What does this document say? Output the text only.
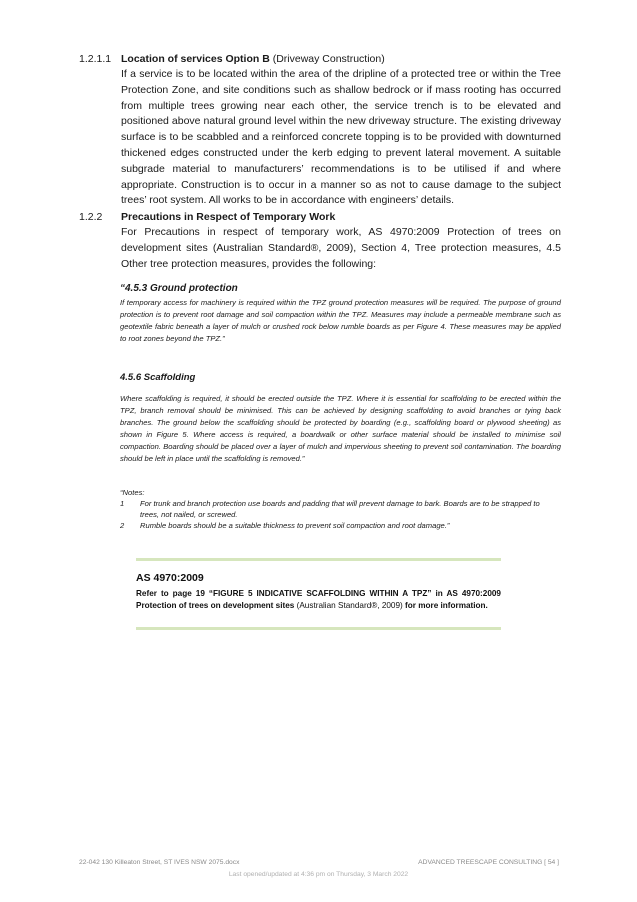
1.2.1.1 Location of services Option B (Driveway Construction)
If a service is to be located within the area of the dripline of a protected tree or within the Tree Protection Zone, and site conditions such as shallow bedrock or if mass rooting has occurred from multiple trees growing near each other, the service trench is to be elevated and positioned above natural ground level within the new driveway structure. The existing driveway surface is to be scabbled and a reinforced concrete topping is to be provided with downturned thickened edges constructed under the kerb edging to prevent lateral movement. A suitable subgrade material to manufacturers’ recommendations is to be utilised if and where appropriate. Construction is to occur in a manner so as not to cause damage to the subject trees’ root system. All works to be in accordance with engineers’ details.
1.2.2 Precautions in Respect of Temporary Work
For Precautions in respect of temporary work, AS 4970:2009 Protection of trees on development sites (Australian Standard®, 2009), Section 4, Tree protection measures, 4.5 Other tree protection measures, provides the following:
“4.5.3 Ground protection
If temporary access for machinery is required within the TPZ ground protection measures will be required. The purpose of ground protection is to prevent root damage and soil compaction within the TPZ. Measures may include a permeable membrane such as geotextile fabric beneath a layer of mulch or crushed rock below rumble boards as per Figure 4. These measures may be applied to root zones beyond the TPZ.”
4.5.6 Scaffolding
Where scaffolding is required, it should be erected outside the TPZ. Where it is essential for scaffolding to be erected within the TPZ, branch removal should be minimised. This can be achieved by designing scaffolding to avoid branches or tying back branches. The ground below the scaffolding should be protected by boarding (e.g., scaffolding board or plywood sheeting) as shown in Figure 5. Where access is required, a boardwalk or other surface material should be installed to minimise soil compaction. Boarding should be placed over a layer of mulch and impervious sheeting to prevent soil contamination. The boarding should be left in place until the scaffolding is removed.”
“Notes:
1 For trunk and branch protection use boards and padding that will prevent damage to bark. Boards are to be strapped to
trees, not nailed, or screwed.
2 Rumble boards should be a suitable thickness to prevent soil compaction and root damage.”
AS 4970:2009
Refer to page 19 “FIGURE 5 INDICATIVE SCAFFOLDING WITHIN A TPZ” in AS 4970:2009 Protection of trees on development sites (Australian Standard®, 2009) for more information.
22-042 130 Killeaton Street, ST IVES NSW 2075.docx	ADVANCED TREESCAPE CONSULTING [ 54 ]
Last opened/updated at 4:36 pm on Thursday, 3 March 2022
